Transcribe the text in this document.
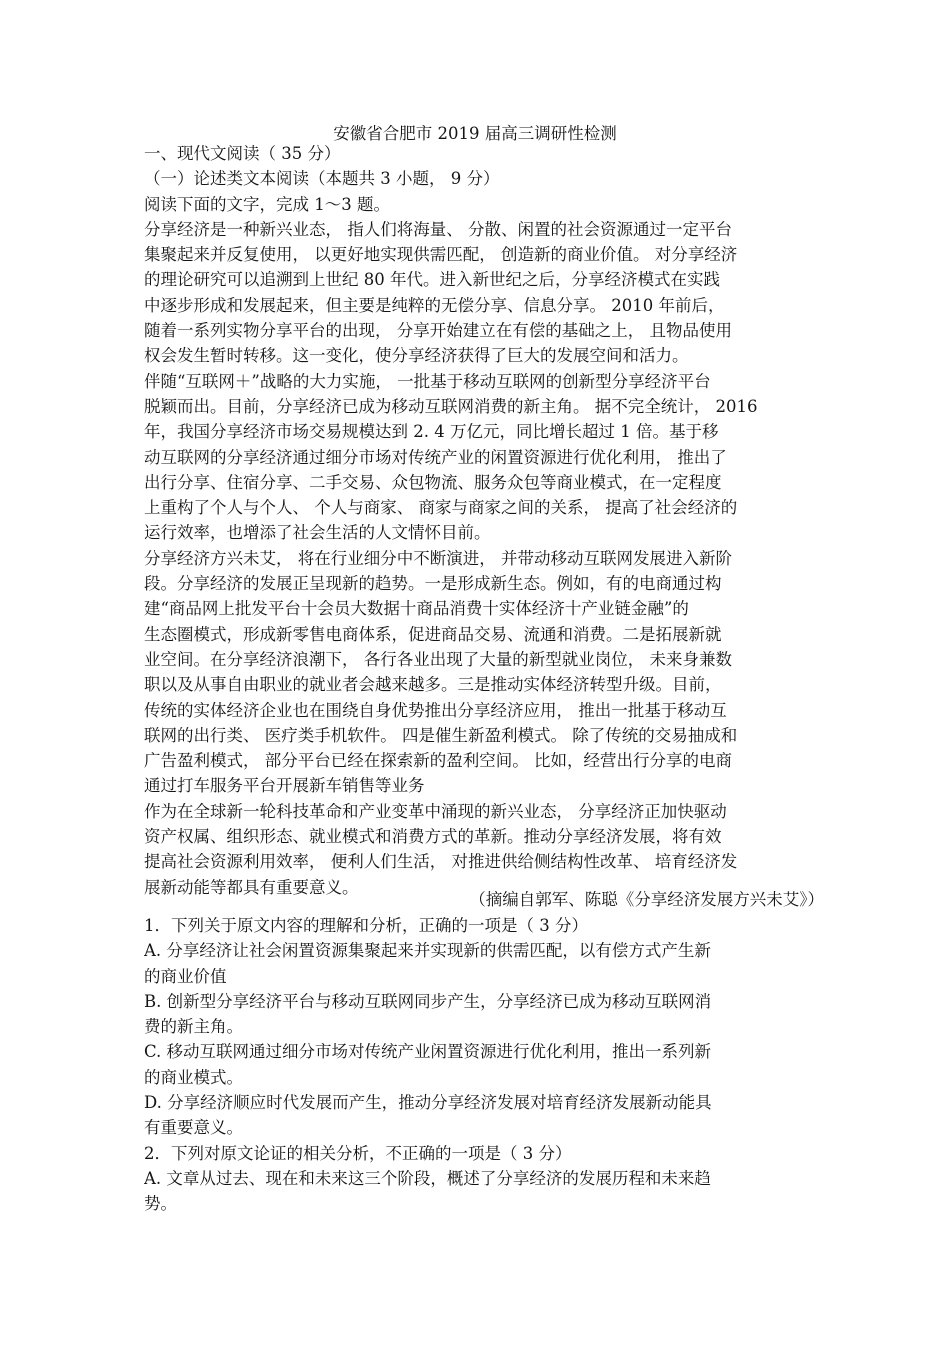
安徽省合肥市 2019 届高三调研性检测
一、现代文阅读（ 35 分）
（一）论述类文本阅读（本题共 3 小题， 9 分）
阅读下面的文字，完成 1～3 题。
分享经济是一种新兴业态， 指人们将海量、 分散、闲置的社会资源通过一定平台
集聚起来并反复使用， 以更好地实现供需匹配， 创造新的商业价值。 对分享经济
的理论研究可以追溯到上世纪 80 年代。进入新世纪之后，分享经济模式在实践
中逐步形成和发展起来，但主要是纯粹的无偿分享、信息分享。 2010 年前后，
随着一系列实物分享平台的出现， 分享开始建立在有偿的基础之上， 且物品使用
权会发生暂时转移。这一变化，使分享经济获得了巨大的发展空间和活力。
伴随“互联网＋”战略的大力实施， 一批基于移动互联网的创新型分享经济平台
脱颖而出。目前，分享经济已成为移动互联网消费的新主角。 据不完全统计， 2016
年，我国分享经济市场交易规模达到 2. 4 万亿元，同比增长超过 1 倍。基于移
动互联网的分享经济通过细分市场对传统产业的闲置资源进行优化利用， 推出了
出行分享、住宿分享、二手交易、众包物流、服务众包等商业模式，在一定程度
上重构了个人与个人、 个人与商家、 商家与商家之间的关系， 提高了社会经济的
运行效率，也增添了社会生活的人文情怀目前。
分享经济方兴未艾， 将在行业细分中不断演进， 并带动移动互联网发展进入新阶
段。分享经济的发展正呈现新的趋势。一是形成新生态。例如，有的电商通过构
建“商品网上批发平台十会员大数据十商品消费十实体经济十产业链金融”的
生态圈模式，形成新零售电商体系，促进商品交易、流通和消费。二是拓展新就
业空间。在分享经济浪潮下， 各行各业出现了大量的新型就业岗位， 未来身兼数
职以及从事自由职业的就业者会越来越多。三是推动实体经济转型升级。目前，
传统的实体经济企业也在围绕自身优势推出分享经济应用， 推出一批基于移动互
联网的出行类、 医疗类手机软件。 四是催生新盈利模式。 除了传统的交易抽成和
广告盈利模式， 部分平台已经在探索新的盈利空间。 比如，经营出行分享的电商
通过打车服务平台开展新车销售等业务
作为在全球新一轮科技革命和产业变革中涌现的新兴业态， 分享经济正加快驱动
资产权属、组织形态、就业模式和消费方式的革新。推动分享经济发展，将有效
提高社会资源利用效率， 便利人们生活， 对推进供给侧结构性改革、 培育经济发
展新动能等都具有重要意义。
（摘编自郭军、陈聪《分享经济发展方兴未艾》）
1．下列关于原文内容的理解和分析，正确的一项是（ 3 分）
A. 分享经济让社会闲置资源集聚起来并实现新的供需匹配，以有偿方式产生新
的商业价值
B. 创新型分享经济平台与移动互联网同步产生，分享经济已成为移动互联网消
费的新主角。
C. 移动互联网通过细分市场对传统产业闲置资源进行优化利用，推出一系列新
的商业模式。
D. 分享经济顺应时代发展而产生，推动分享经济发展对培育经济发展新动能具
有重要意义。
2．下列对原文论证的相关分析，不正确的一项是（ 3 分）
A. 文章从过去、现在和未来这三个阶段，概述了分享经济的发展历程和未来趋
势。
